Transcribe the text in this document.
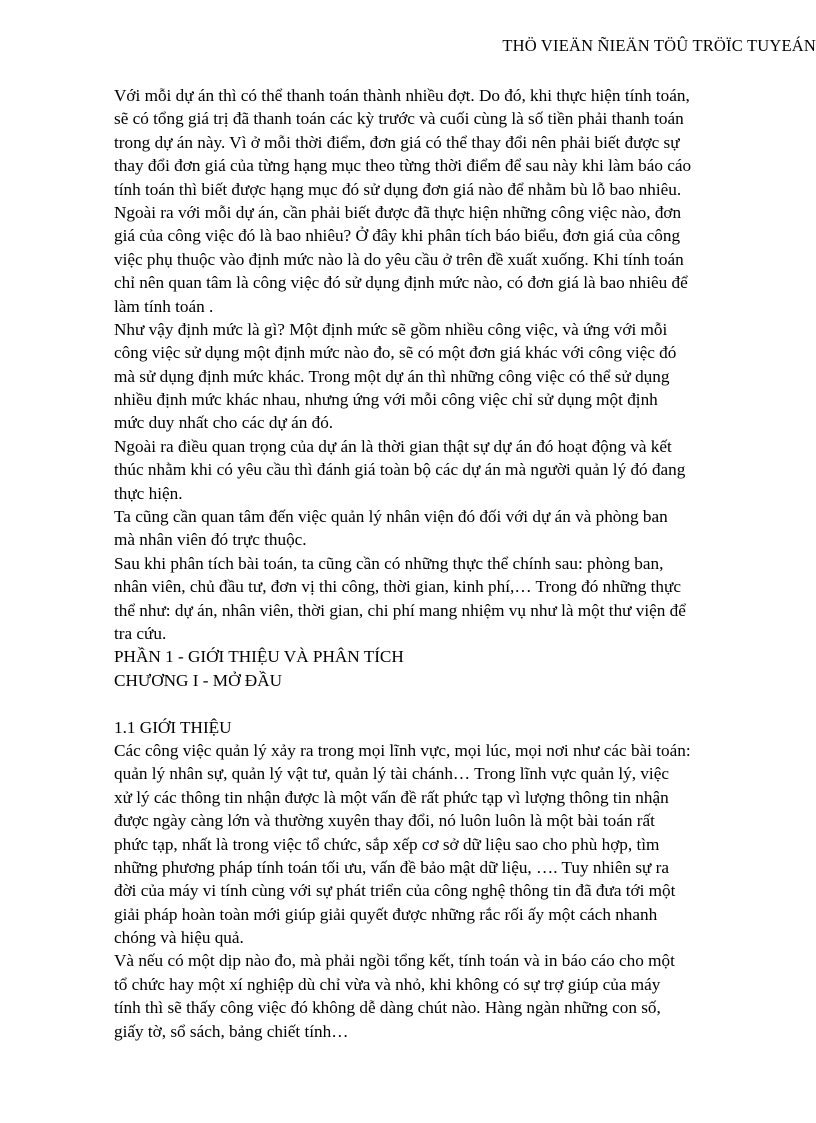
THÖ VIEÄN ÑIEÄN TÖÛ TRÖÏC TUYEÁN
Với mỗi dự án thì có thể thanh toán thành nhiều đợt. Do đó, khi thực hiện tính toán,
sẽ có tổng giá trị đã thanh toán các kỳ trước và cuối cùng là số tiền phải thanh toán
trong dự án này. Vì ở mỗi thời điểm, đơn giá có thể thay đổi nên phải biết được sự
thay đổi đơn giá của từng hạng mục theo từng thời điểm để sau này khi làm báo cáo
tính toán thì biết được hạng mục đó sử dụng đơn giá nào để nhằm bù lỗ bao nhiêu.
Ngoài ra với mỗi dự án, cần phải biết được đã thực hiện những công việc nào, đơn
giá của công việc đó là bao nhiêu? Ở đây khi phân tích báo biểu, đơn giá của công
việc phụ thuộc vào định mức nào là do yêu cầu ở trên đề xuất xuống. Khi tính toán
chỉ nên quan tâm là công việc đó sử dụng định mức nào, có đơn giá là bao nhiêu để
làm tính toán .
Như vậy định mức là gì? Một định mức sẽ gồm nhiều công việc, và ứng với mỗi
công việc sử dụng một định mức nào đo, sẽ có một đơn giá khác với công việc đó
mà sử dụng định mức khác. Trong một dự án thì những công việc có thể sử dụng
nhiều định mức khác nhau, nhưng ứng với mỗi công việc chỉ sử dụng một định
mức duy nhất cho các dự án đó.
Ngoài ra điều quan trọng của dự án là thời gian thật sự dự án đó hoạt động và kết
thúc nhằm khi có yêu cầu thì đánh giá toàn bộ các dự án mà người quản lý đó đang
thực hiện.
Ta cũng cần quan tâm đến việc quản lý nhân viện đó đối với dự án và phòng ban
mà nhân viên đó trực thuộc.
Sau khi phân tích bài toán, ta cũng cần có những thực thể chính sau: phòng ban,
nhân viên, chủ đầu tư, đơn vị thi công, thời gian, kinh phí,… Trong đó những thực
thể như: dự án, nhân viên, thời gian, chi phí mang nhiệm vụ như là một thư viện để
tra cứu.
PHẦN 1 - GIỚI THIỆU VÀ PHÂN TÍCH
CHƯƠNG I - MỞ ĐẦU
1.1 GIỚI THIỆU
Các công việc quản lý xảy ra trong mọi lĩnh vực, mọi lúc, mọi nơi như các bài toán:
quản lý nhân sự, quản lý vật tư, quản lý tài chánh… Trong lĩnh vực quản lý, việc
xử lý các thông tin nhận được là một vấn đề rất phức tạp vì lượng thông tin nhận
được ngày càng lớn và thường xuyên thay đổi, nó luôn luôn là một bài toán rất
phức tạp, nhất là trong việc tổ chức, sắp xếp cơ sở dữ liệu sao cho phù hợp, tìm
những phương pháp tính toán tối ưu, vấn đề bảo mật dữ liệu, …. Tuy nhiên sự ra
đời của máy vi tính cùng với sự phát triển của công nghệ thông tin đã đưa tới một
giải pháp hoàn toàn mới giúp giải quyết được những rắc rối ấy một cách nhanh
chóng và hiệu quả.
Và nếu có một dịp nào đo, mà phải ngồi tổng kết, tính toán và in báo cáo cho một
tổ chức hay một xí nghiệp dù chỉ vừa và nhỏ, khi không có sự trợ giúp của máy
tính thì sẽ thấy công việc đó không dễ dàng chút nào. Hàng ngàn những con số,
giấy tờ, sổ sách, bảng chiết tính…
